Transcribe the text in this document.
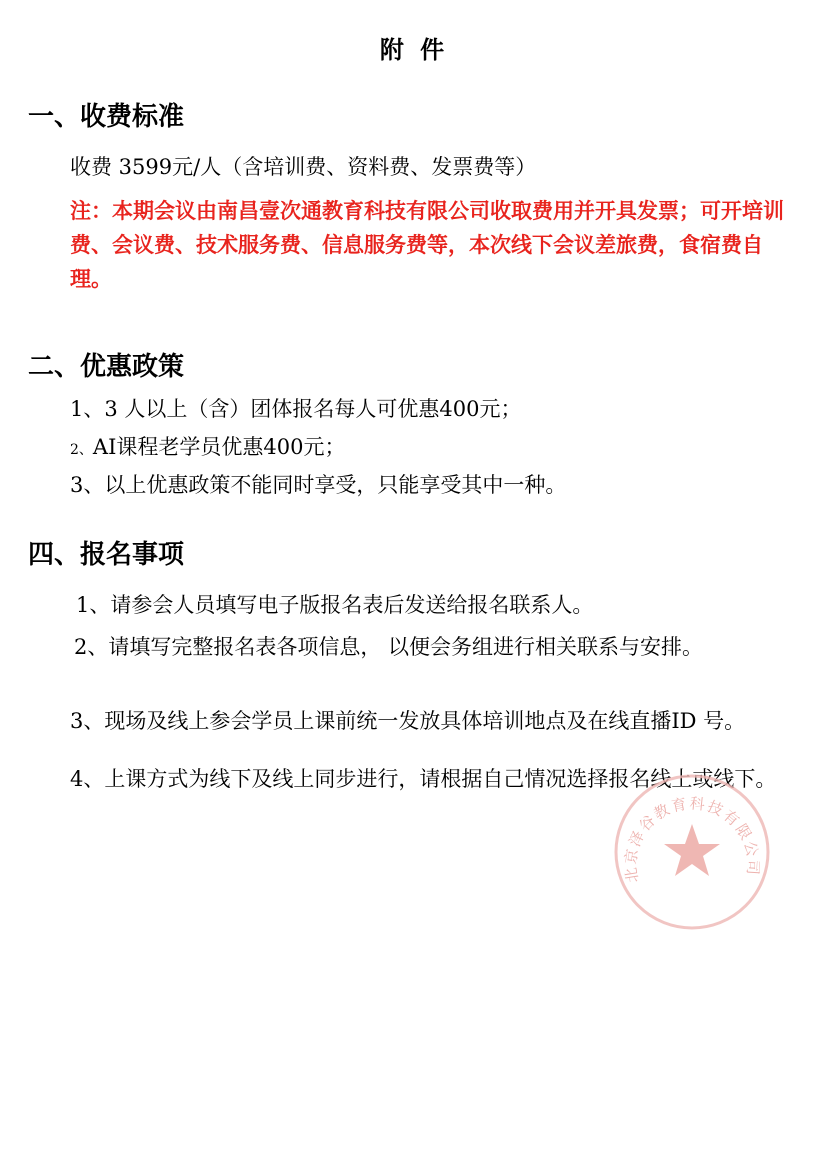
附 件
一、收费标准
收费 3599元/人（含培训费、资料费、发票费等）
注：本期会议由南昌壹次通教育科技有限公司收取费用并开具发票；可开培训费、会议费、技术服务费、信息服务费等，本次线下会议差旅费，食宿费自理。
二、优惠政策
1、3 人以上（含）团体报名每人可优惠400元；
2、AI课程老学员优惠400元；
3、以上优惠政策不能同时享受，只能享受其中一种。
四、报名事项
1、请参会人员填写电子版报名表后发送给报名联系人。
2、请填写完整报名表各项信息， 以便会务组进行相关联系与安排。
3、现场及线上参会学员上课前统一发放具体培训地点及在线直播ID 号。
4、上课方式为线下及线上同步进行，请根据自己情况选择报名线上或线下。
北京泽谷教育科技有限公司
